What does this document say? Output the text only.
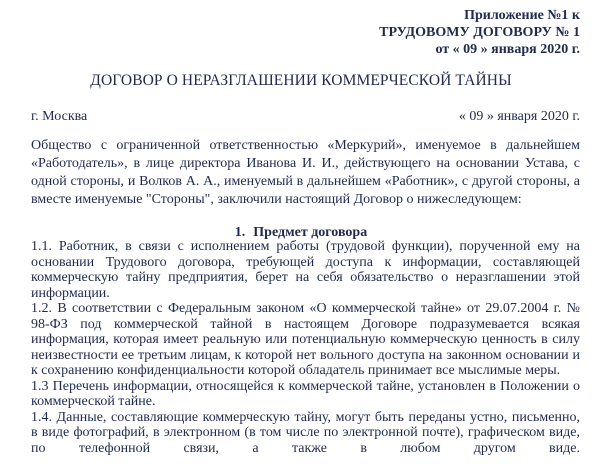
Приложение №1 к
ТРУДОВОМУ ДОГОВОРУ № 1
от « 09 » января 2020 г.
ДОГОВОР О НЕРАЗГЛАШЕНИИ КОММЕРЧЕСКОЙ ТАЙНЫ
г. Москва	« 09 » января 2020 г.
Общество с ограниченной ответственностью «Меркурий», именуемое в дальнейшем «Работодатель», в лице директора Иванова И. И., действующего на основании Устава, с одной стороны, и Волков А. А., именуемый в дальнейшем «Работник», с другой стороны, а вместе именуемые "Стороны", заключили настоящий Договор о нижеследующем:
1. Предмет договора

1.1. Работник, в связи с исполнением работы (трудовой функции), порученной ему на основании Трудового договора, требующей доступа к информации, составляющей коммерческую тайну предприятия, берет на себя обязательство о неразглашении этой информации.

1.2. В соответствии с Федеральным законом «О коммерческой тайне» от 29.07.2004 г. № 98-ФЗ под коммерческой тайной в настоящем Договоре подразумевается всякая информация, которая имеет реальную или потенциальную коммерческую ценность в силу неизвестности ее третьим лицам, к которой нет вольного доступа на законном основании и к сохранению конфиденциальности которой обладатель принимает все мыслимые меры.

1.3 Перечень информации, относящейся к коммерческой тайне, установлен в Положении о коммерческой тайне.

1.4. Данные, составляющие коммерческую тайну, могут быть переданы устно, письменно, в виде фотографий, в электронном (в том числе по электронной почте), графическом виде, по телефонной связи, а также в любом другом виде.
